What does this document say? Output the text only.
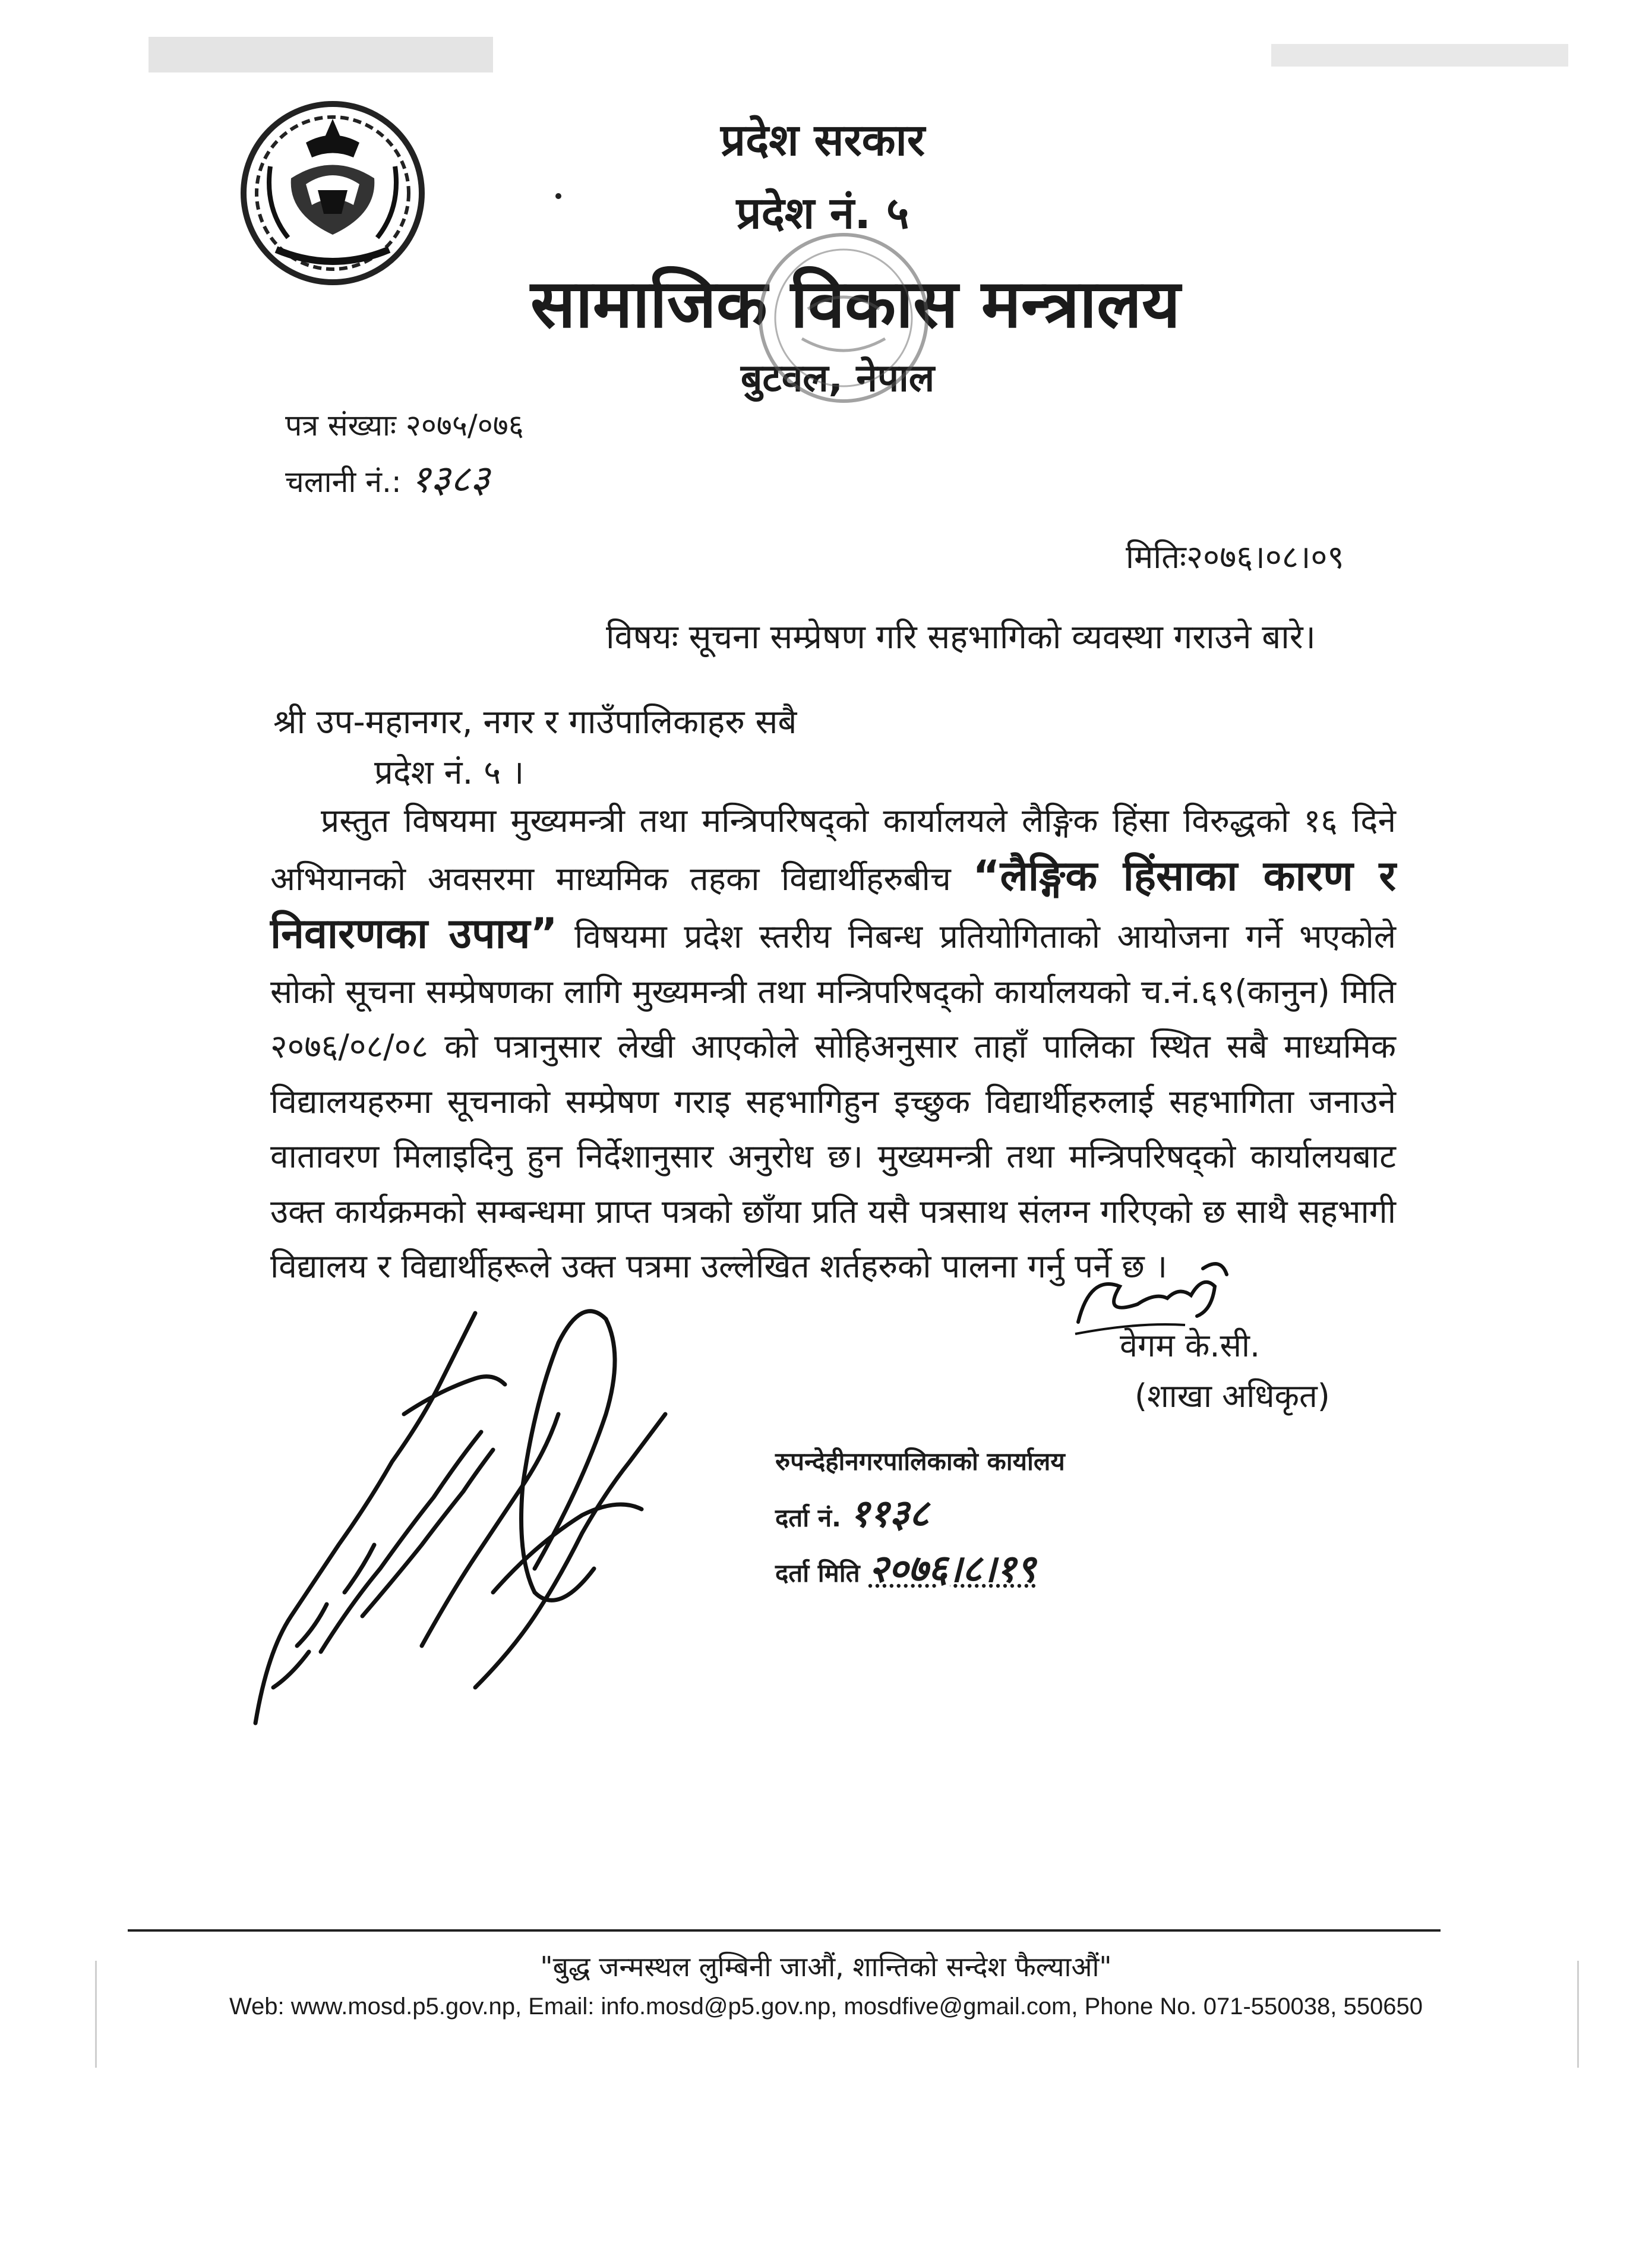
प्रदेश सरकार
प्रदेश नं. ५
सामाजिक विकास मन्त्रालय
बुटवल, नेपाल
पत्र संख्याः २०७५/०७६
चलानी नं.: १३८३
मितिः२०७६।०८।०९
विषयः सूचना सम्प्रेषण गरि सहभागिको व्यवस्था गराउने बारे।
श्री उप-महानगर, नगर र गाउँपालिकाहरु सबै
प्रदेश नं. ५ ।
प्रस्तुत विषयमा मुख्यमन्त्री तथा मन्त्रिपरिषद्को कार्यालयले लैङ्गिक हिंसा विरुद्धको १६ दिने अभियानको अवसरमा माध्यमिक तहका विद्यार्थीहरुबीच “लैङ्गिक हिंसाका कारण र निवारणका उपाय” विषयमा प्रदेश स्तरीय निबन्ध प्रतियोगिताको आयोजना गर्ने भएकोले सोको सूचना सम्प्रेषणका लागि मुख्यमन्त्री तथा मन्त्रिपरिषद्को कार्यालयको च.नं.६९(कानुन) मिति २०७६/०८/०८ को पत्रानुसार लेखी आएकोले सोहिअनुसार ताहाँ पालिका स्थित सबै माध्यमिक विद्यालयहरुमा सूचनाको सम्प्रेषण गराइ सहभागिहुन इच्छुक विद्यार्थीहरुलाई सहभागिता जनाउने वातावरण मिलाइदिनु हुन निर्देशानुसार अनुरोध छ। मुख्यमन्त्री तथा मन्त्रिपरिषद्को कार्यालयबाट उक्त कार्यक्रमको सम्बन्धमा प्राप्त पत्रको छाँया प्रति यसै पत्रसाथ संलग्न गरिएको छ साथै सहभागी विद्यालय र विद्यार्थीहरूले उक्त पत्रमा उल्लेखित शर्तहरुको पालना गर्नु पर्ने छ ।
वेगम के.सी.
(शाखा अधिकृत)
रुपन्देहीनगरपालिकाको कार्यालय
दर्ता नं. ११३८
दर्ता मिति २०७६।८।१९
"बुद्ध जन्मस्थल लुम्बिनी जाऔं, शान्तिको सन्देश फैल्याऔं"
Web: www.mosd.p5.gov.np, Email: info.mosd@p5.gov.np, mosdfive@gmail.com, Phone No. 071-550038, 550650
